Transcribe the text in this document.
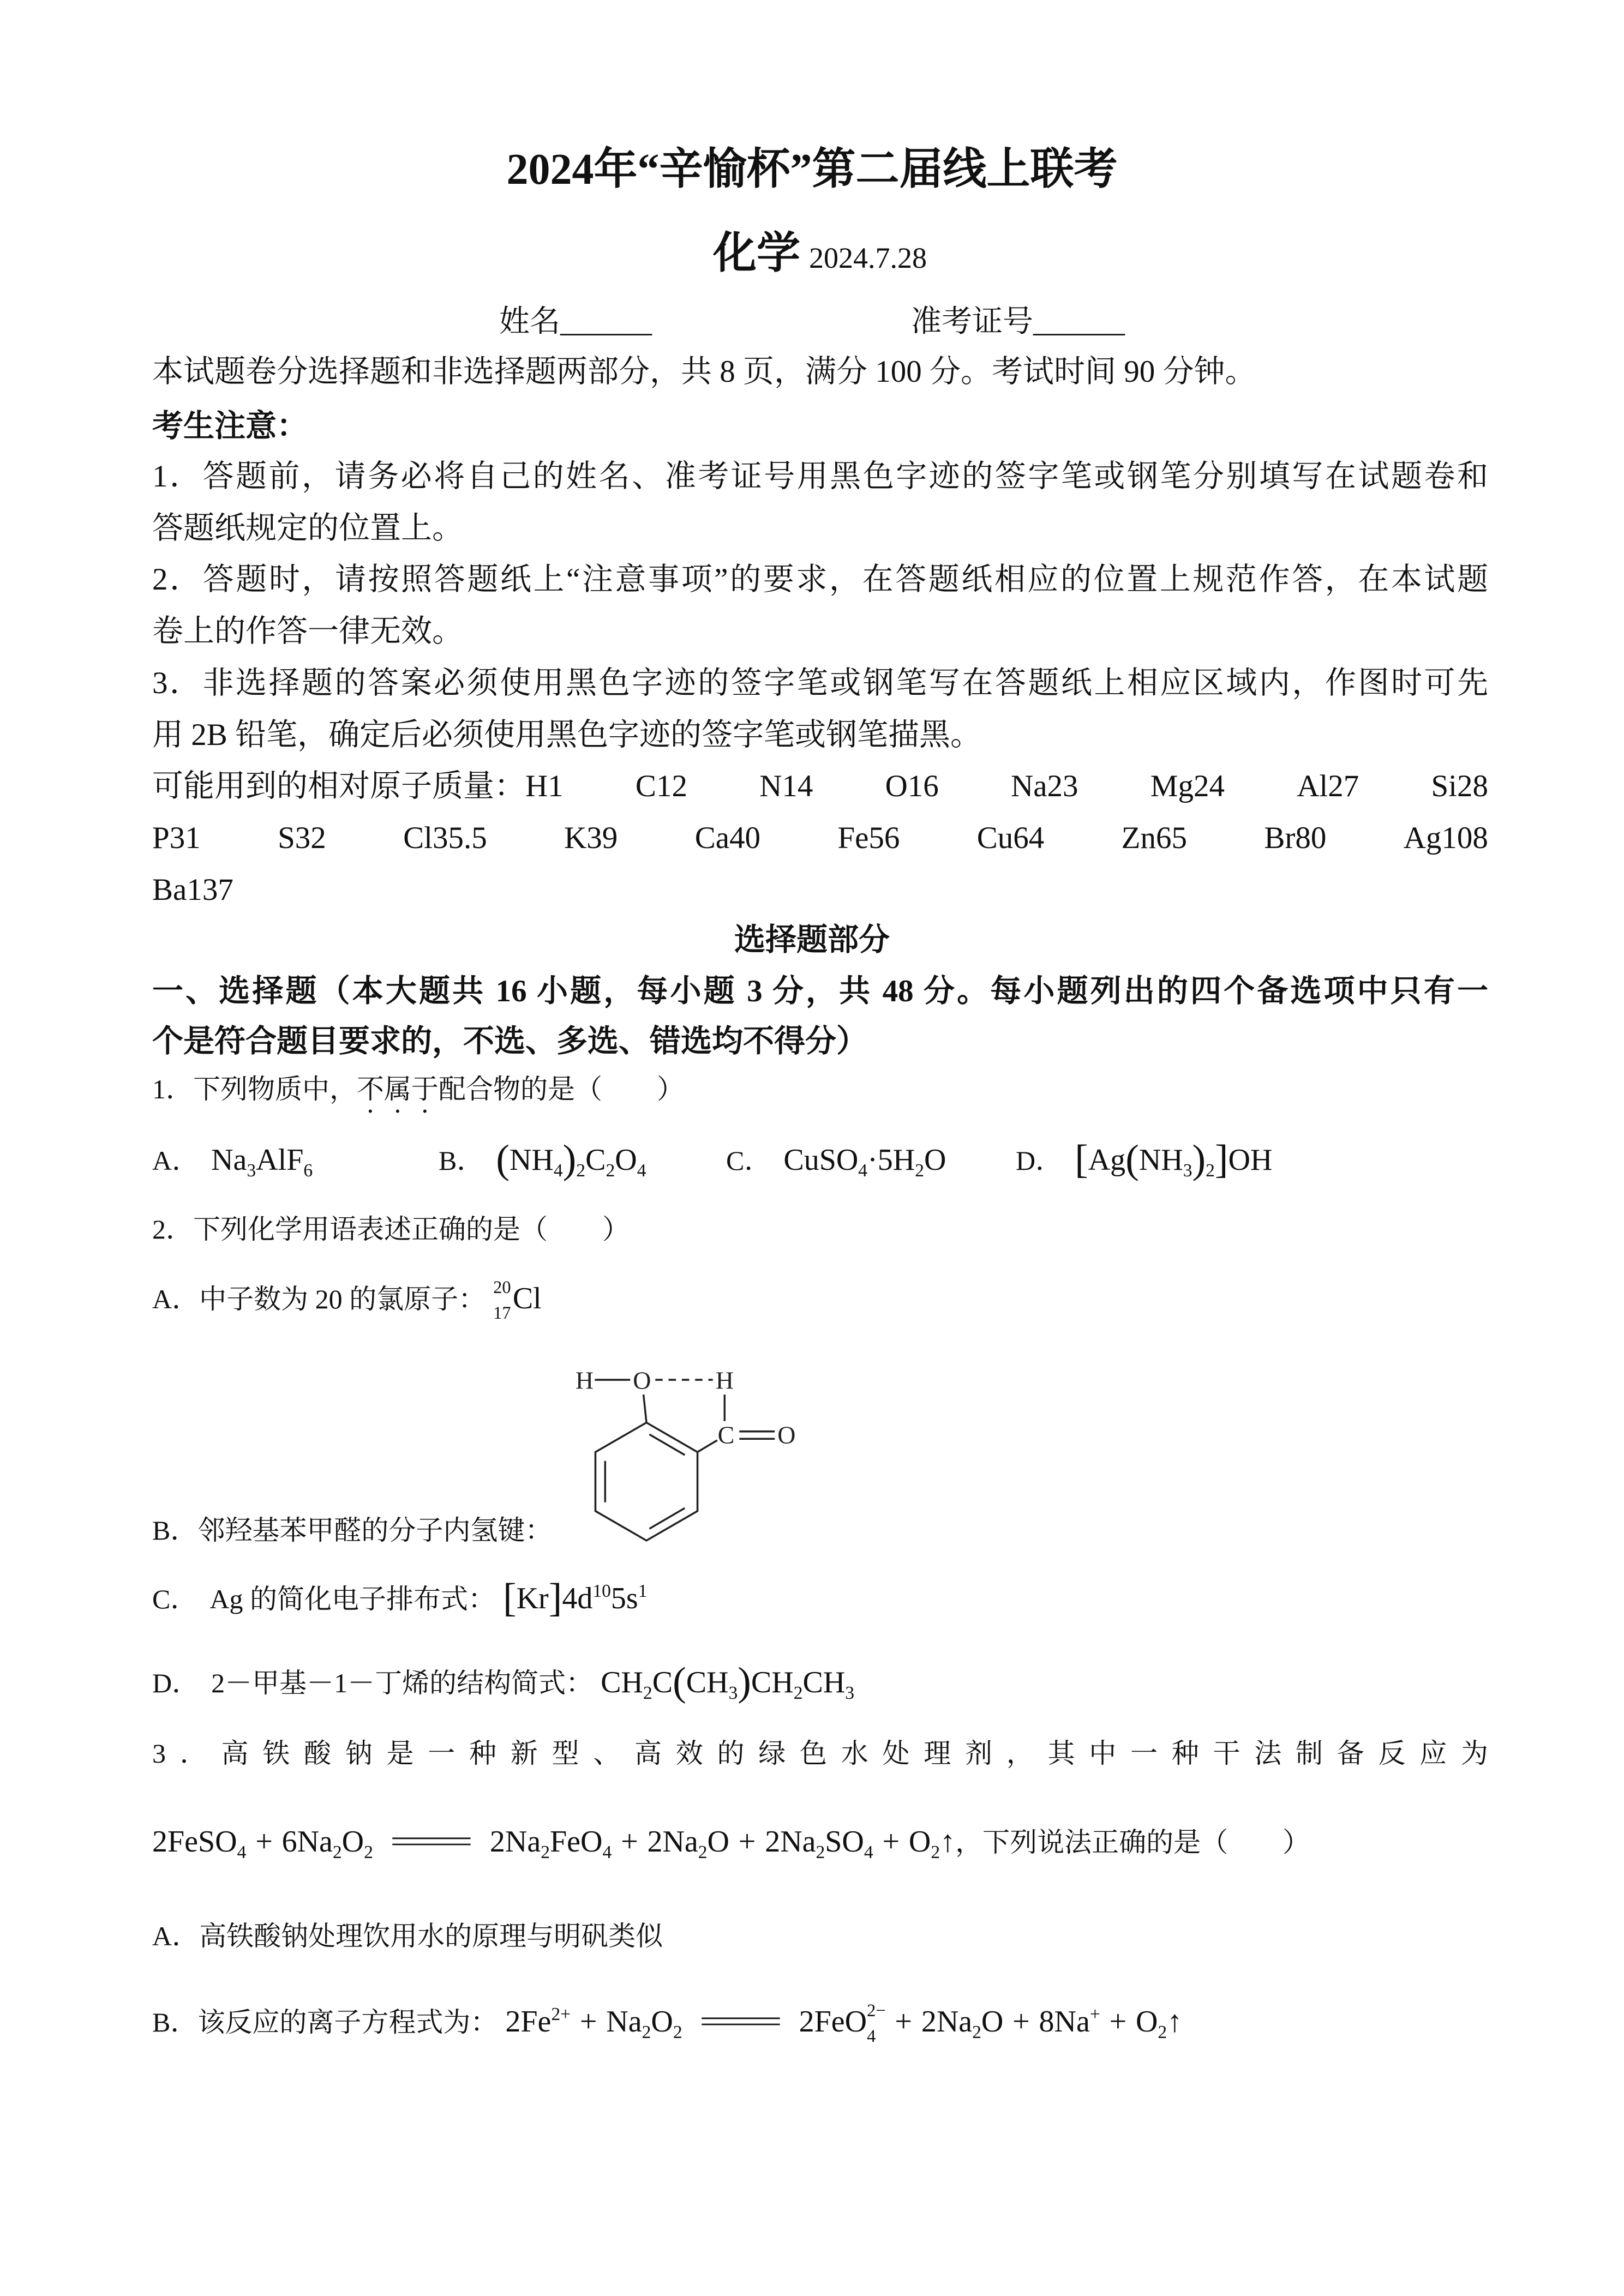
2024年“辛愉杯”第二届线上联考
化学 2024.7.28
姓名______	准考证号______
本试题卷分选择题和非选择题两部分，共 8 页，满分 100 分。考试时间 90 分钟。
考生注意：
1．答题前，请务必将自己的姓名、准考证号用黑色字迹的签字笔或钢笔分别填写在试题卷和
答题纸规定的位置上。
2．答题时，请按照答题纸上“注意事项”的要求，在答题纸相应的位置上规范作答，在本试题
卷上的作答一律无效。
3．非选择题的答案必须使用黑色字迹的签字笔或钢笔写在答题纸上相应区域内，作图时可先
用 2B 铅笔，确定后必须使用黑色字迹的签字笔或钢笔描黑。
可能用到的相对原子质量：H1 C12 N14 O16 Na23 Mg24 Al27 Si28
P31 S32 Cl35.5 K39 Ca40 Fe56 Cu64 Zn65 Br80 Ag108
Ba137
选择题部分
一、选择题（本大题共 16 小题，每小题 3 分，共 48 分。每小题列出的四个备选项中只有一
个是符合题目要求的，不选、多选、错选均不得分）
1．下列物质中，不属于配合物的是（　　）
A． $Na_3AlF_6$	B． $(NH_4)_2C_2O_4$	C． $CuSO_4\cdot 5H_2O$	D． $[Ag(NH_3)_2]OH$
2．下列化学用语表述正确的是（　　）
A．中子数为 20 的氯原子： 20
17 Cl
H	O	H
C	O
B．邻羟基苯甲醛的分子内氢键：
C． Ag 的简化电子排布式： $[Kr]4d^{10}5s^1$
D． 2－甲基－1－丁烯的结构简式： $CH_2C(CH_3)CH_2CH_3$
3．高铁酸钠是一种新型、高效的绿色水处理剂，其中一种干法制备反应为
2FeSO$_4$ + $6Na_2O_2 = 2Na_2FeO_4 + 2Na_2O + 2Na_2SO_4$ + $O_2↑$，下列说法正确的是（　　）
A．高铁酸钠处理饮用水的原理与明矾类似
B．该反应的离子方程式为： $2Fe^{2+} + Na_2O_2 = 2FeO$ 2−
$4 + 2Na_2O + 8Na^+$ + $O_2↑$
